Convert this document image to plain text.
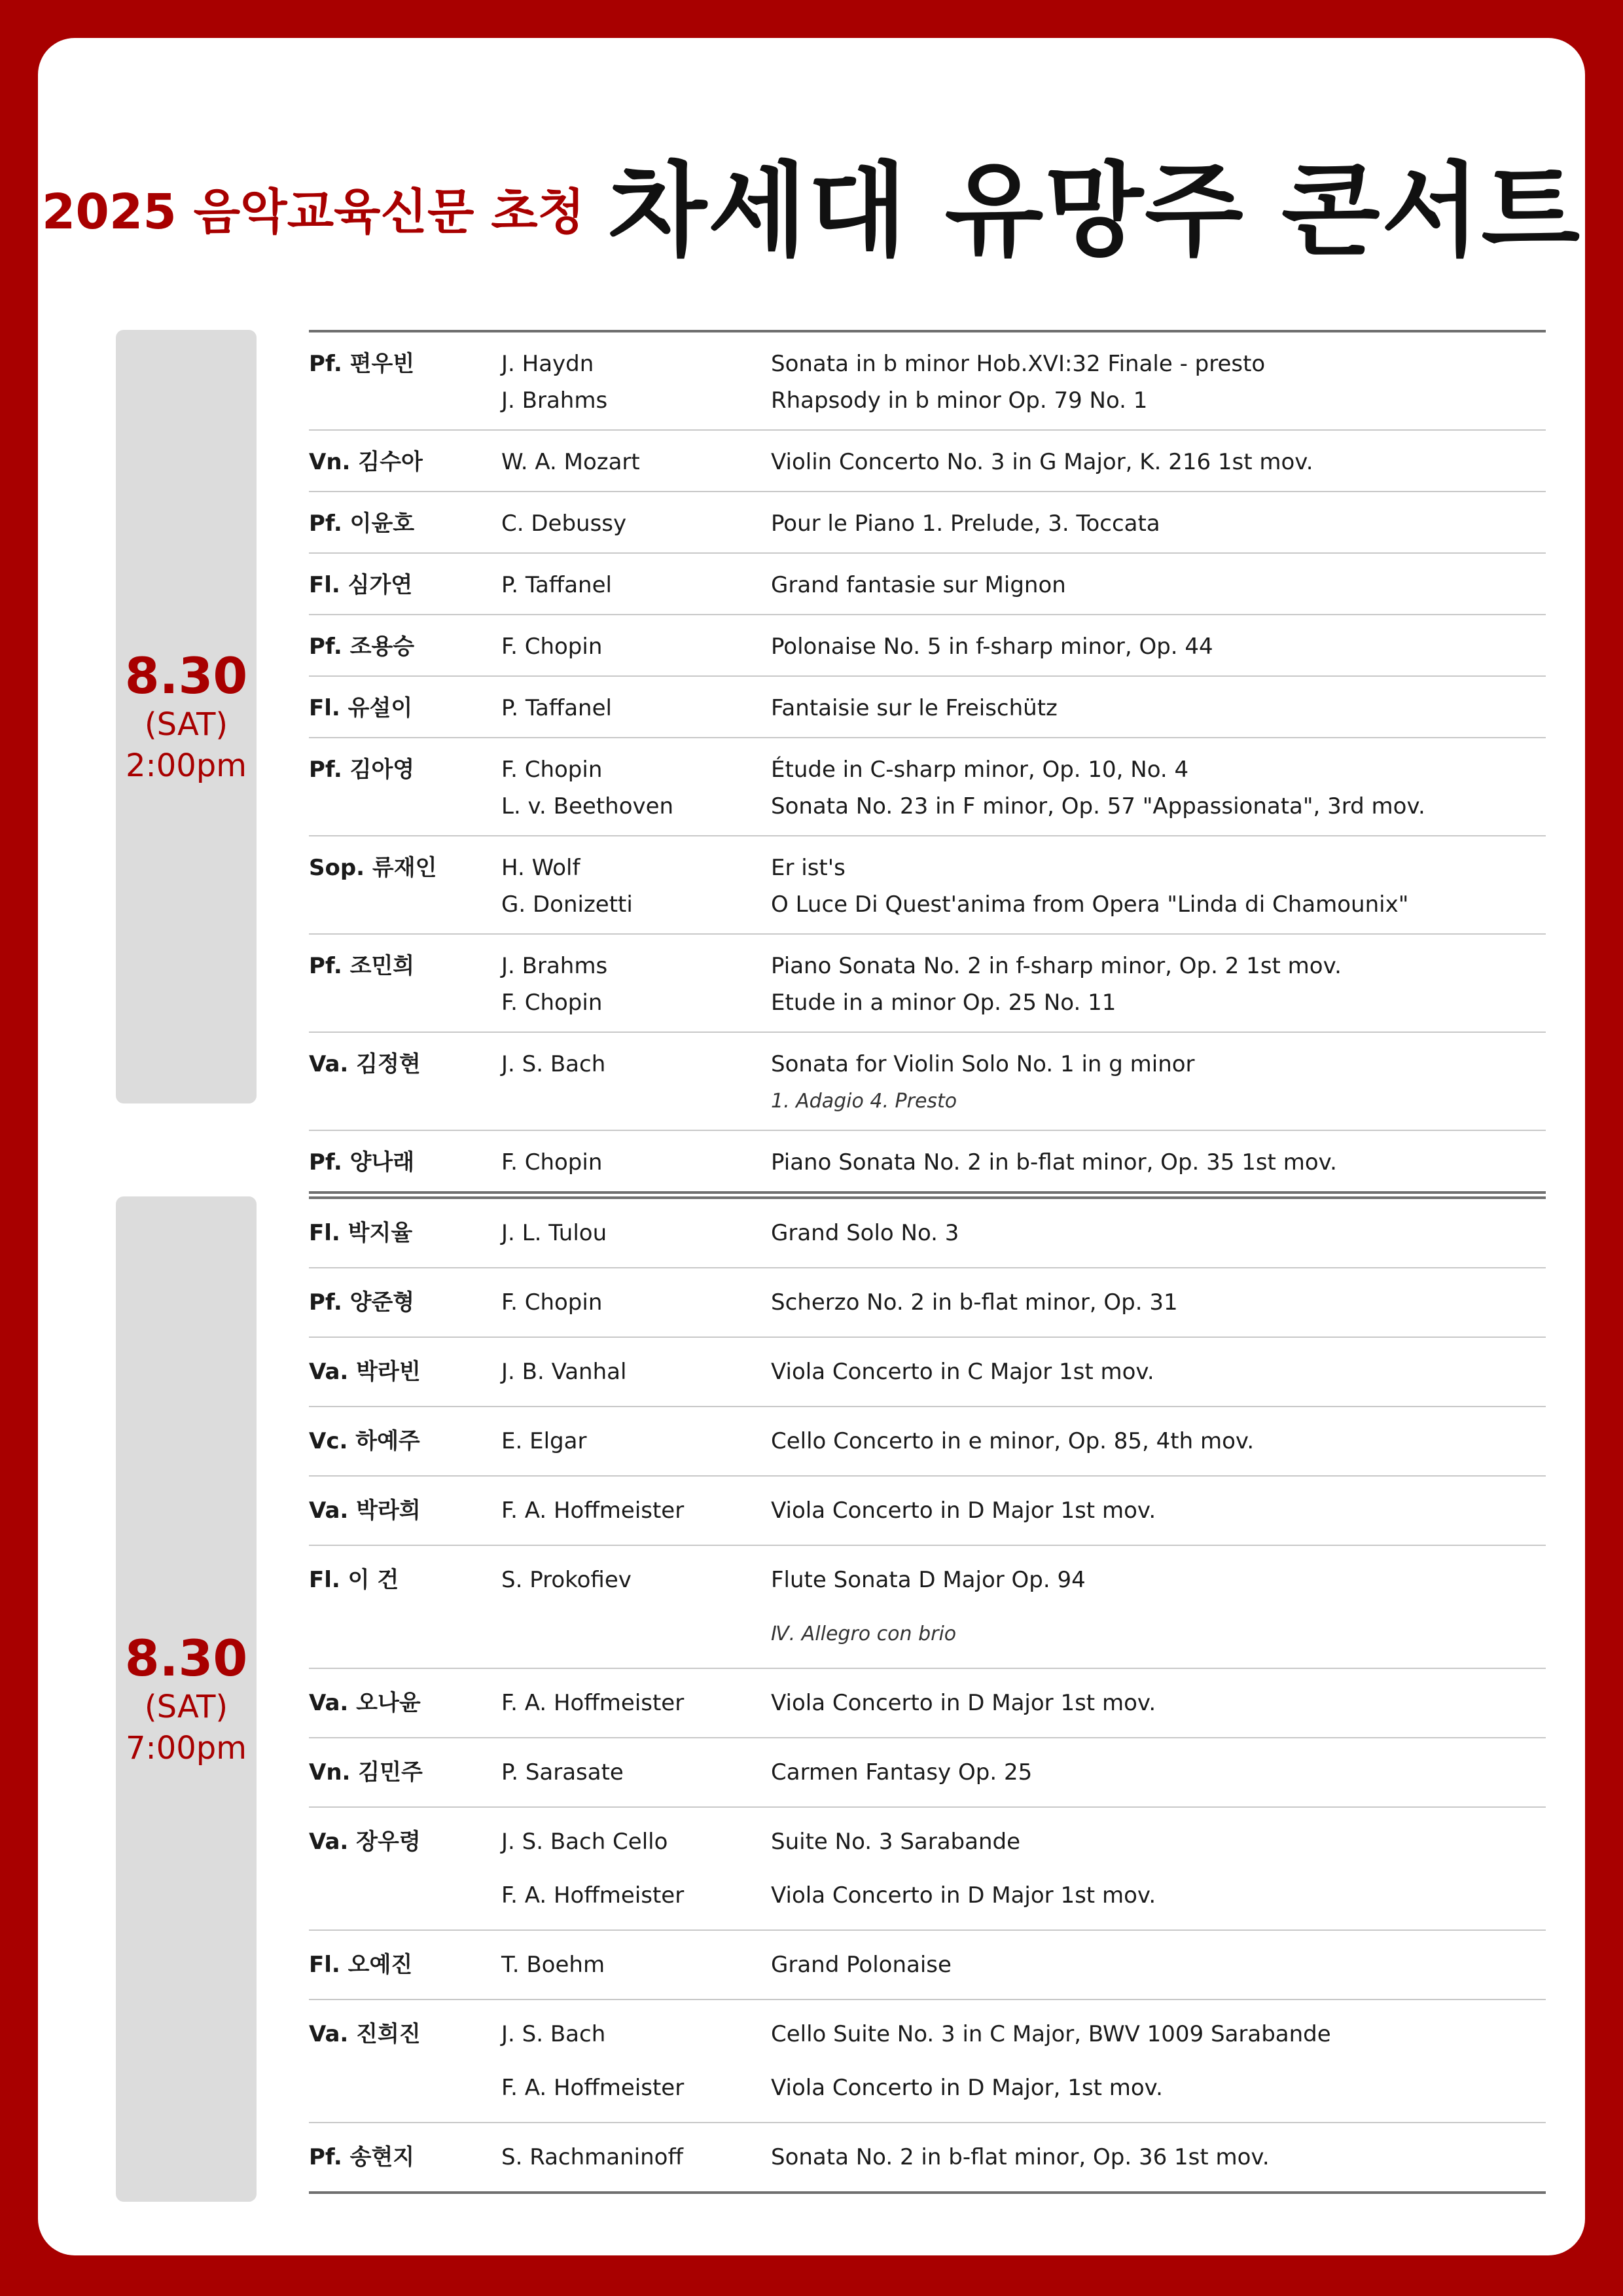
2025 음악교육신문 초청 차세대 유망주 콘서트
8.30
(SAT)
2:00pm
Pf. 편우빈	J. Haydn	Sonata in b minor Hob.XVI:32 Finale - presto
J. Brahms	Rhapsody in b minor Op. 79 No. 1
Vn. 김수아	W. A. Mozart	Violin Concerto No. 3 in G Major, K. 216 1st mov.
Pf. 이윤호	C. Debussy	Pour le Piano 1. Prelude, 3. Toccata
Fl. 심가연	P. Taffanel	Grand fantasie sur Mignon
Pf. 조용승	F. Chopin	Polonaise No. 5 in f-sharp minor, Op. 44
Fl. 유설이	P. Taffanel	Fantaisie sur le Freischütz
Pf. 김아영	F. Chopin	Étude in C-sharp minor, Op. 10, No. 4
L. v. Beethoven	Sonata No. 23 in F minor, Op. 57 "Appassionata", 3rd mov.
Sop. 류재인	H. Wolf	Er ist's
G. Donizetti	O Luce Di Quest'anima from Opera "Linda di Chamounix"
Pf. 조민희	J. Brahms	Piano Sonata No. 2 in f-sharp minor, Op. 2 1st mov.
F. Chopin	Etude in a minor Op. 25 No. 11
Va. 김정현	J. S. Bach	Sonata for Violin Solo No. 1 in g minor
1. Adagio 4. Presto
Pf. 양나래	F. Chopin	Piano Sonata No. 2 in b-flat minor, Op. 35 1st mov.
8.30
(SAT)
7:00pm
Fl. 박지율	J. L. Tulou	Grand Solo No. 3
Pf. 양준형	F. Chopin	Scherzo No. 2 in b-flat minor, Op. 31
Va. 박라빈	J. B. Vanhal	Viola Concerto in C Major 1st mov.
Vc. 하예주	E. Elgar	Cello Concerto in e minor, Op. 85, 4th mov.
Va. 박라희	F. A. Hoffmeister	Viola Concerto in D Major 1st mov.
Fl. 이 건	S. Prokofiev	Flute Sonata D Major Op. 94
Ⅳ. Allegro con brio
Va. 오나윤	F. A. Hoffmeister	Viola Concerto in D Major 1st mov.
Vn. 김민주	P. Sarasate	Carmen Fantasy Op. 25
Va. 장우령	J. S. Bach Cello	Suite No. 3 Sarabande
F. A. Hoffmeister	Viola Concerto in D Major 1st mov.
Fl. 오예진	T. Boehm	Grand Polonaise
Va. 진희진	J. S. Bach	Cello Suite No. 3 in C Major, BWV 1009 Sarabande
F. A. Hoffmeister	Viola Concerto in D Major, 1st mov.
Pf. 송현지	S. Rachmaninoff	Sonata No. 2 in b-flat minor, Op. 36 1st mov.
